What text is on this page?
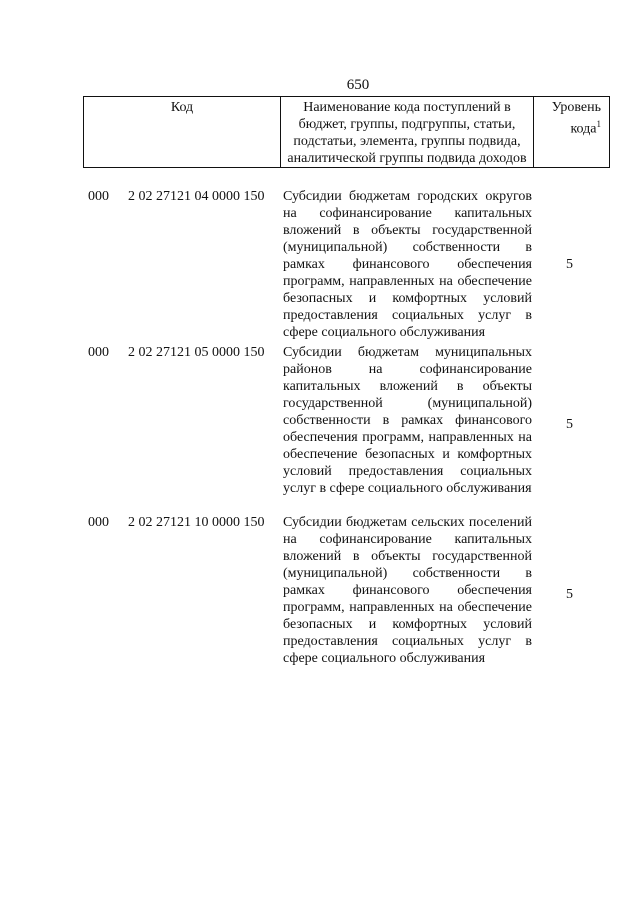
650
Код	Наименование кода поступлений в бюджет, группы, подгруппы, статьи, подстатьи, элемента, группы подвида, аналитической группы подвида доходов
Уровень кода$^1$
000 2 02 27121 04 0000 150 Субсидии бюджетам городских округов на софинансирование капитальных вложений в объекты государственной (муниципальной) собственности в рамках финансового обеспечения программ, направленных на обеспечение безопасных и комфортных условий предоставления социальных услуг в сфере социального обслуживания
5
000 2 02 27121 05 0000 150 Субсидии бюджетам муниципальных районов на софинансирование капитальных вложений в объекты государственной (муниципальной) собственности в рамках финансового обеспечения программ, направленных на обеспечение безопасных и комфортных условий предоставления социальных услуг в сфере социального обслуживания
5
000 2 02 27121 10 0000 150 Субсидии бюджетам сельских поселений на софинансирование капитальных вложений в объекты государственной (муниципальной) собственности в рамках финансового обеспечения программ, направленных на обеспечение безопасных и комфортных условий предоставления социальных услуг в сфере социального обслуживания
5
